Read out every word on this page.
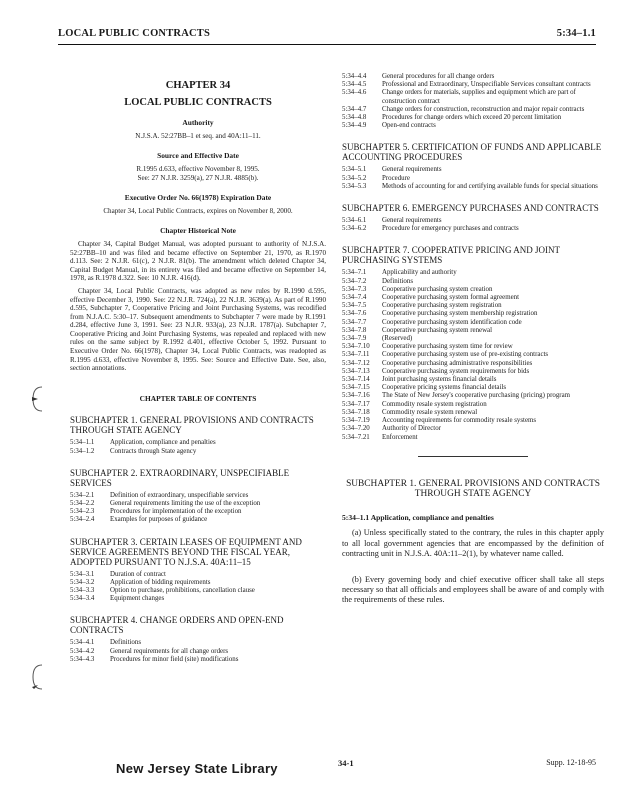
LOCAL PUBLIC CONTRACTS	5:34–1.1
CHAPTER 34
LOCAL PUBLIC CONTRACTS
Authority

N.J.S.A. 52:27BB–1 et seq. and 40A:11–11.

Source and Effective Date

R.1995 d.633, effective November 8, 1995.

See: 27 N.J.R. 3259(a), 27 N.J.R. 4885(b).

Executive Order No. 66(1978) Expiration Date

Chapter 34, Local Public Contracts, expires on November 8, 2000.

Chapter Historical Note

Chapter 34, Capital Budget Manual, was adopted pursuant to authority of N.J.S.A. 52:27BB–10 and was filed and became effective on September 21, 1970, as R.1970 d.113. See: 2 N.J.R. 61(c), 2 N.J.R. 81(b). The amendment which deleted Chapter 34, Capital Budget Manual, in its entirety was filed and became effective on September 14, 1978, as R.1978 d.322. See: 10 N.J.R. 416(d).

Chapter 34, Local Public Contracts, was adopted as new rules by R.1990 d.595, effective December 3, 1990. See: 22 N.J.R. 724(a), 22 N.J.R. 3639(a). As part of R.1990 d.595, Subchapter 7, Cooperative Pricing and Joint Purchasing Systems, was recodified from N.J.A.C. 5:30–17. Subsequent amendments to Subchapter 7 were made by R.1991 d.284, effective June 3, 1991. See: 23 N.J.R. 933(a), 23 N.J.R. 1787(a). Subchapter 7, Cooperative Pricing and Joint Purchasing Systems, was repealed and replaced with new rules on the same subject by R.1992 d.401, effective October 5, 1992. Pursuant to Executive Order No. 66(1978), Chapter 34, Local Public Contracts, was readopted as R.1995 d.633, effective November 8, 1995. See: Source and Effective Date. See, also, section annotations.

CHAPTER TABLE OF CONTENTS
SUBCHAPTER 1. GENERAL PROVISIONS AND CONTRACTS THROUGH STATE AGENCY
5:34–1.1	Application, compliance and penalties
5:34–1.2	Contracts through State agency
SUBCHAPTER 2. EXTRAORDINARY, UNSPECIFIABLE SERVICES
5:34–2.1	Definition of extraordinary, unspecifiable services
5:34–2.2	General requirements limiting the use of the exception
5:34–2.3	Procedures for implementation of the exception
5:34–2.4	Examples for purposes of guidance
SUBCHAPTER 3. CERTAIN LEASES OF EQUIPMENT AND SERVICE AGREEMENTS BEYOND THE FISCAL YEAR, ADOPTED PURSUANT TO N.J.S.A. 40A:11–15
5:34–3.1	Duration of contract
5:34–3.2	Application of bidding requirements
5:34–3.3	Option to purchase, prohibitions, cancellation clause
5:34–3.4	Equipment changes
SUBCHAPTER 4. CHANGE ORDERS AND OPEN-END CONTRACTS
5:34–4.1	Definitions
5:34–4.2	General requirements for all change orders
5:34–4.3	Procedures for minor field (site) modifications
5:34–4.4	General procedures for all change orders
5:34–4.5	Professional and Extraordinary, Unspecifiable Services consultant contracts
5:34–4.6	Change orders for materials, supplies and equipment which are part of construction contract
5:34–4.7	Change orders for construction, reconstruction and major repair contracts
5:34–4.8	Procedures for change orders which exceed 20 percent limitation
5:34–4.9	Open-end contracts
SUBCHAPTER 5. CERTIFICATION OF FUNDS AND APPLICABLE ACCOUNTING PROCEDURES
5:34–5.1	General requirements
5:34–5.2	Procedure
5:34–5.3	Methods of accounting for and certifying available funds for special situations
SUBCHAPTER 6. EMERGENCY PURCHASES AND CONTRACTS
5:34–6.1	General requirements
5:34–6.2	Procedure for emergency purchases and contracts
SUBCHAPTER 7. COOPERATIVE PRICING AND JOINT PURCHASING SYSTEMS
5:34–7.1	Applicability and authority
5:34–7.2	Definitions
5:34–7.3	Cooperative purchasing system creation
5:34–7.4	Cooperative purchasing system formal agreement
5:34–7.5	Cooperative purchasing system registration
5:34–7.6	Cooperative purchasing system membership registration
5:34–7.7	Cooperative purchasing system identification code
5:34–7.8	Cooperative purchasing system renewal
5:34–7.9	(Reserved)
5:34–7.10	Cooperative purchasing system time for review
5:34–7.11	Cooperative purchasing system use of pre-existing contracts
5:34–7.12	Cooperative purchasing administrative responsibilities
5:34–7.13	Cooperative purchasing system requirements for bids
5:34–7.14	Joint purchasing systems financial details
5:34–7.15	Cooperative pricing systems financial details
5:34–7.16	The State of New Jersey's cooperative purchasing (pricing) program
5:34–7.17	Commodity resale system registration
5:34–7.18	Commodity resale system renewal
5:34–7.19	Accounting requirements for commodity resale systems
5:34–7.20	Authority of Director
5:34–7.21	Enforcement
SUBCHAPTER 1. GENERAL PROVISIONS AND CONTRACTS THROUGH STATE AGENCY
5:34–1.1 Application, compliance and penalties

(a) Unless specifically stated to the contrary, the rules in this chapter apply to all local government agencies that are encompassed by the definition of contracting unit in N.J.S.A. 40A:11–2(1), by whatever name called.

(b) Every governing body and chief executive officer shall take all steps necessary so that all officials and employees shall be aware of and comply with the requirements of these rules.

New Jersey State Library	34-1	Supp. 12-18-95
